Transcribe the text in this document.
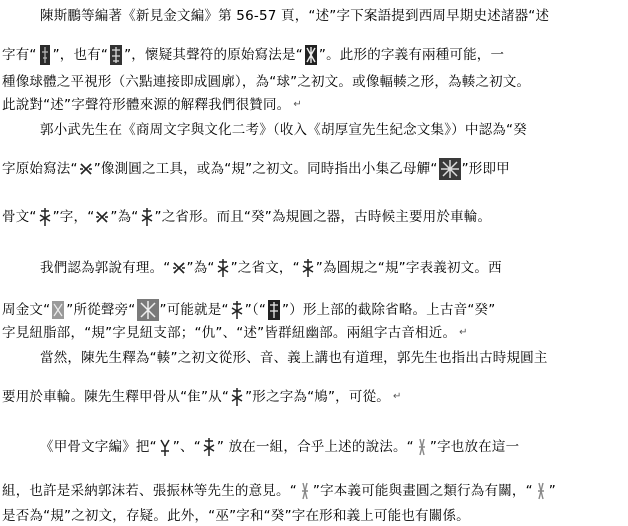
陳斯鵬等編著《新見金文編》第 56-57 頁，“述”字下案語提到西周早期史述諸器“述
字有“ ”，也有“ ”，懷疑其聲符的原始寫法是“ ”。此形的字義有兩種可能，一
種像球體之平視形（六點連接即成圓廓），為“球”之初文。或像輻輳之形，為輳之初文。
此說對“述”字聲符形體來源的解釋我們很贊同。 ↵
郭小武先生在《商周文字與文化二考》（收入《胡厚宣先生紀念文集》）中認為“癸
字原始寫法“ ”像測圓之工具，或為“規”之初文。同時指出小集乙母觶“ ”形即甲
骨文“ ”字，“ ”為“ ”之省形。而且“癸”為規圓之器，古時候主要用於車輪。
我們認為郭說有理。“ ”為“ ”之省文，“ ”為圓規之“規”字表義初文。西
周金文“ ”所從聲旁“ ”可能就是“ ”（“ ”）形上部的截除省略。上古音“癸”
字見紐脂部，“規”字見紐支部；“仇”、“述”皆群紐幽部。兩組字古音相近。 ↵
當然，陳先生釋為“輳”之初文從形、音、義上講也有道理，郭先生也指出古時規圓主
要用於車輪。陳先生釋甲骨从“隹”从“ ”形之字為“鳩”，可從。 ↵
《甲骨文字編》把“ ”、“ ” 放在一組，合乎上述的說法。“ ”字也放在這一
組，也許是采納郭沫若、張振林等先生的意見。“ ”字本義可能與畫圓之類行為有關，“ ”
是否為“規”之初文，存疑。此外，“巫”字和“癸”字在形和義上可能也有關係。
